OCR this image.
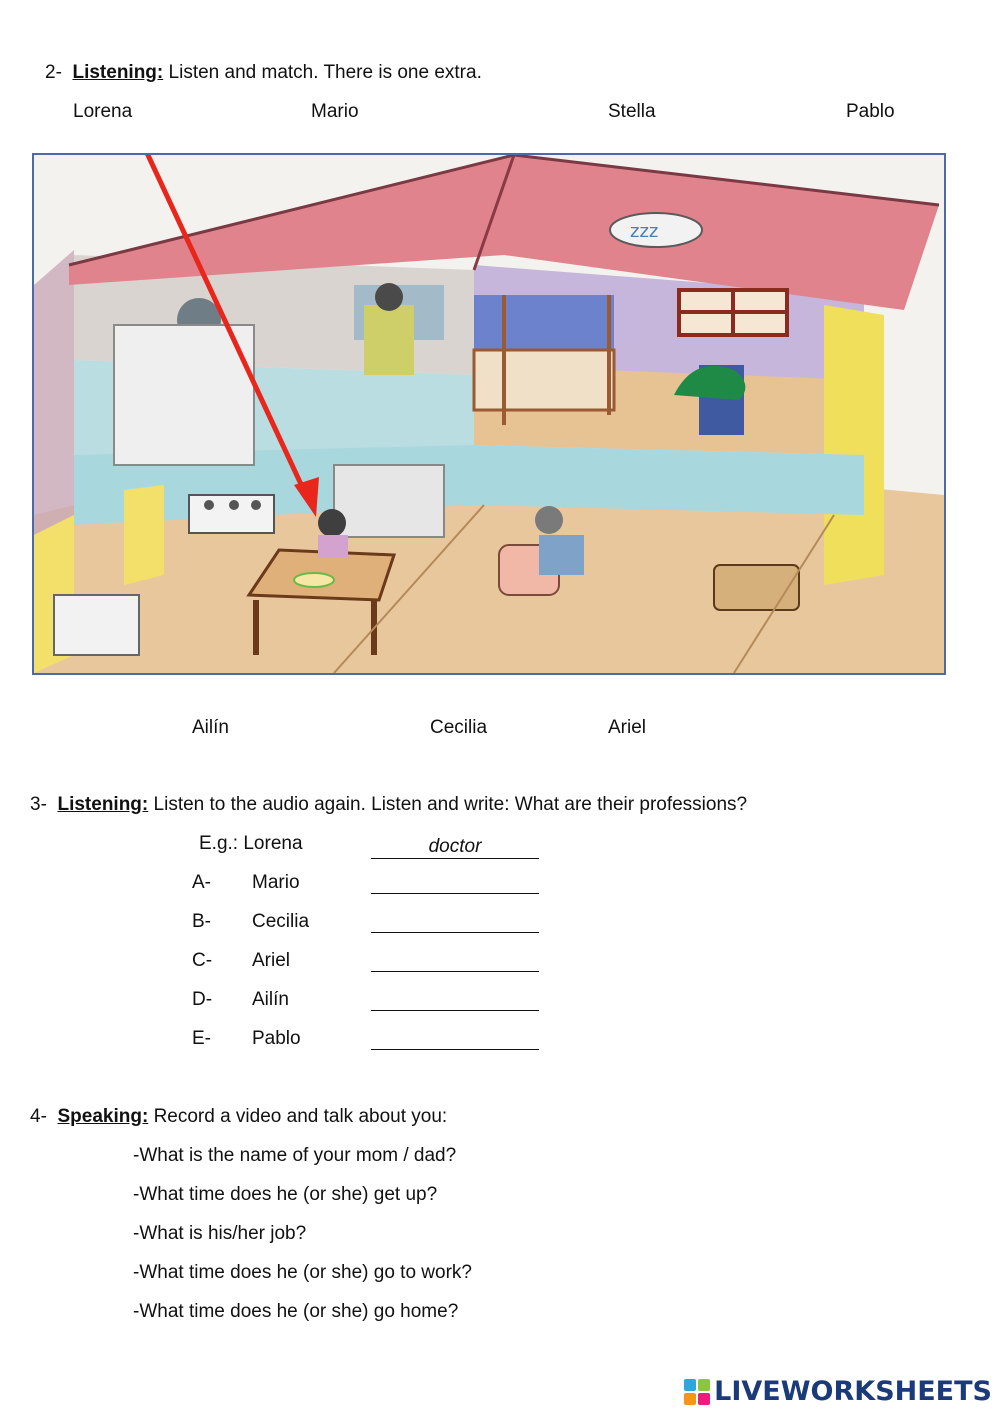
2- Listening: Listen and match. There is one extra.
Lorena	Mario	Stella	Pablo
zzz
Ailín	Cecilia	Ariel
3- Listening: Listen to the audio again. Listen and write: What are their professions?
E.g.: Lorena	doctor
A- Mario
B- Cecilia
C- Ariel
D- Ailín
E- Pablo
4- Speaking: Record a video and talk about you:
-What is the name of your mom / dad?
-What time does he (or she) get up?
-What is his/her job?
-What time does he (or she) go to work?
-What time does he (or she) go home?
LIVEWORKSHEETS
